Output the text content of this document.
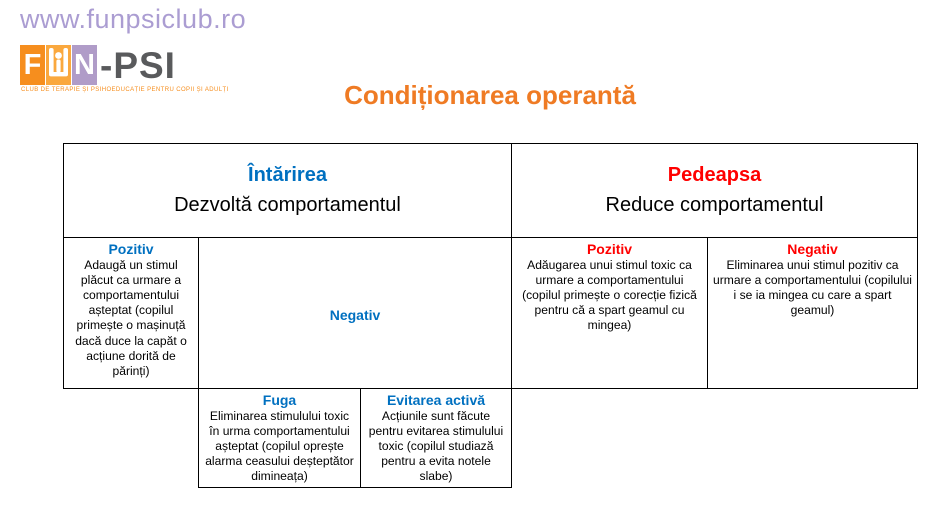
www.funpsiclub.ro
F N -PSI
CLUB DE TERAPIE ȘI PSIHOEDUCAȚIE PENTRU COPII ȘI ADULȚI	Condiționarea operantă
Întărirea
Dezvoltă comportamentul
Pedeapsa
Reduce comportamentul
Pozitiv
Adaugă un stimul plăcut ca urmare a comportamentului așteptat (copilul primește o mașinuță dacă duce la capăt o acțiune dorită de părinți)
Negativ
Pozitiv
Adăugarea unui stimul toxic ca urmare a comportamentului (copilul primește o corecție fizică pentru că a spart geamul cu mingea)
Negativ
Eliminarea unui stimul pozitiv ca urmare a comportamentului (copilului i se ia mingea cu care a spart geamul)
Fuga
Eliminarea stimulului toxic în urma comportamentului așteptat (copilul oprește alarma ceasului deșteptător dimineața)
Evitarea activă
Acțiunile sunt făcute pentru evitarea stimulului toxic (copilul studiază pentru a evita notele slabe)
